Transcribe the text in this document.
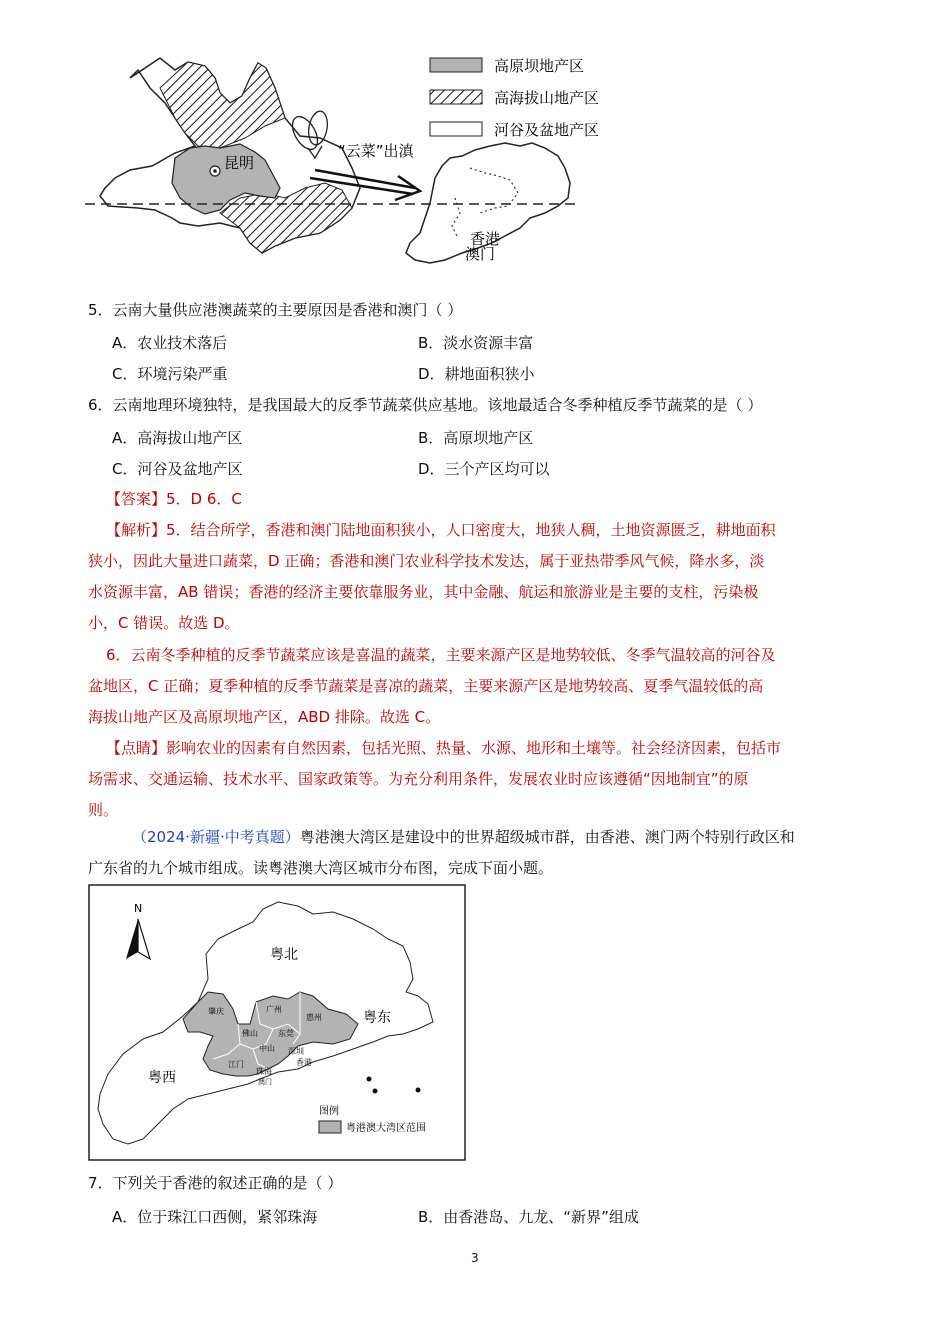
昆明
“云菜”出滇
香港
澳门
高原坝地产区
高海拔山地产区
河谷及盆地产区
5．云南大量供应港澳蔬菜的主要原因是香港和澳门（ ）
A．农业技术落后	B．淡水资源丰富
C．环境污染严重	D．耕地面积狭小
6．云南地理环境独特，是我国最大的反季节蔬菜供应基地。该地最适合冬季种植反季节蔬菜的是（ ）
A．高海拔山地产区	B．高原坝地产区
C．河谷及盆地产区	D．三个产区均可以
【答案】5．D 6．C
【解析】5．结合所学，香港和澳门陆地面积狭小，人口密度大，地狭人稠，土地资源匮乏，耕地面积
狭小，因此大量进口蔬菜，D 正确；香港和澳门农业科学技术发达，属于亚热带季风气候，降水多，淡
水资源丰富，AB 错误；香港的经济主要依靠服务业，其中金融、航运和旅游业是主要的支柱，污染极
小，C 错误。故选 D。
6．云南冬季种植的反季节蔬菜应该是喜温的蔬菜，主要来源产区是地势较低、冬季气温较高的河谷及
盆地区，C 正确；夏季种植的反季节蔬菜是喜凉的蔬菜，主要来源产区是地势较高、夏季气温较低的高
海拔山地产区及高原坝地产区，ABD 排除。故选 C。
【点睛】影响农业的因素有自然因素，包括光照、热量、水源、地形和土壤等。社会经济因素，包括市
场需求、交通运输、技术水平、国家政策等。为充分利用条件，发展农业时应该遵循“因地制宜”的原
则。
（2024·新疆·中考真题）粤港澳大湾区是建设中的世界超级城市群，由香港、澳门两个特别行政区和
广东省的九个城市组成。读粤港澳大湾区城市分布图，完成下面小题。
N
粤北
粤东
粤西
肇庆	广州
惠州
佛山	东莞
深圳
中山
江门
珠海
香港
澳门
图例
粤港澳大湾区范围
7．下列关于香港的叙述正确的是（ ）
A．位于珠江口西侧，紧邻珠海	B．由香港岛、九龙、“新界”组成
3
